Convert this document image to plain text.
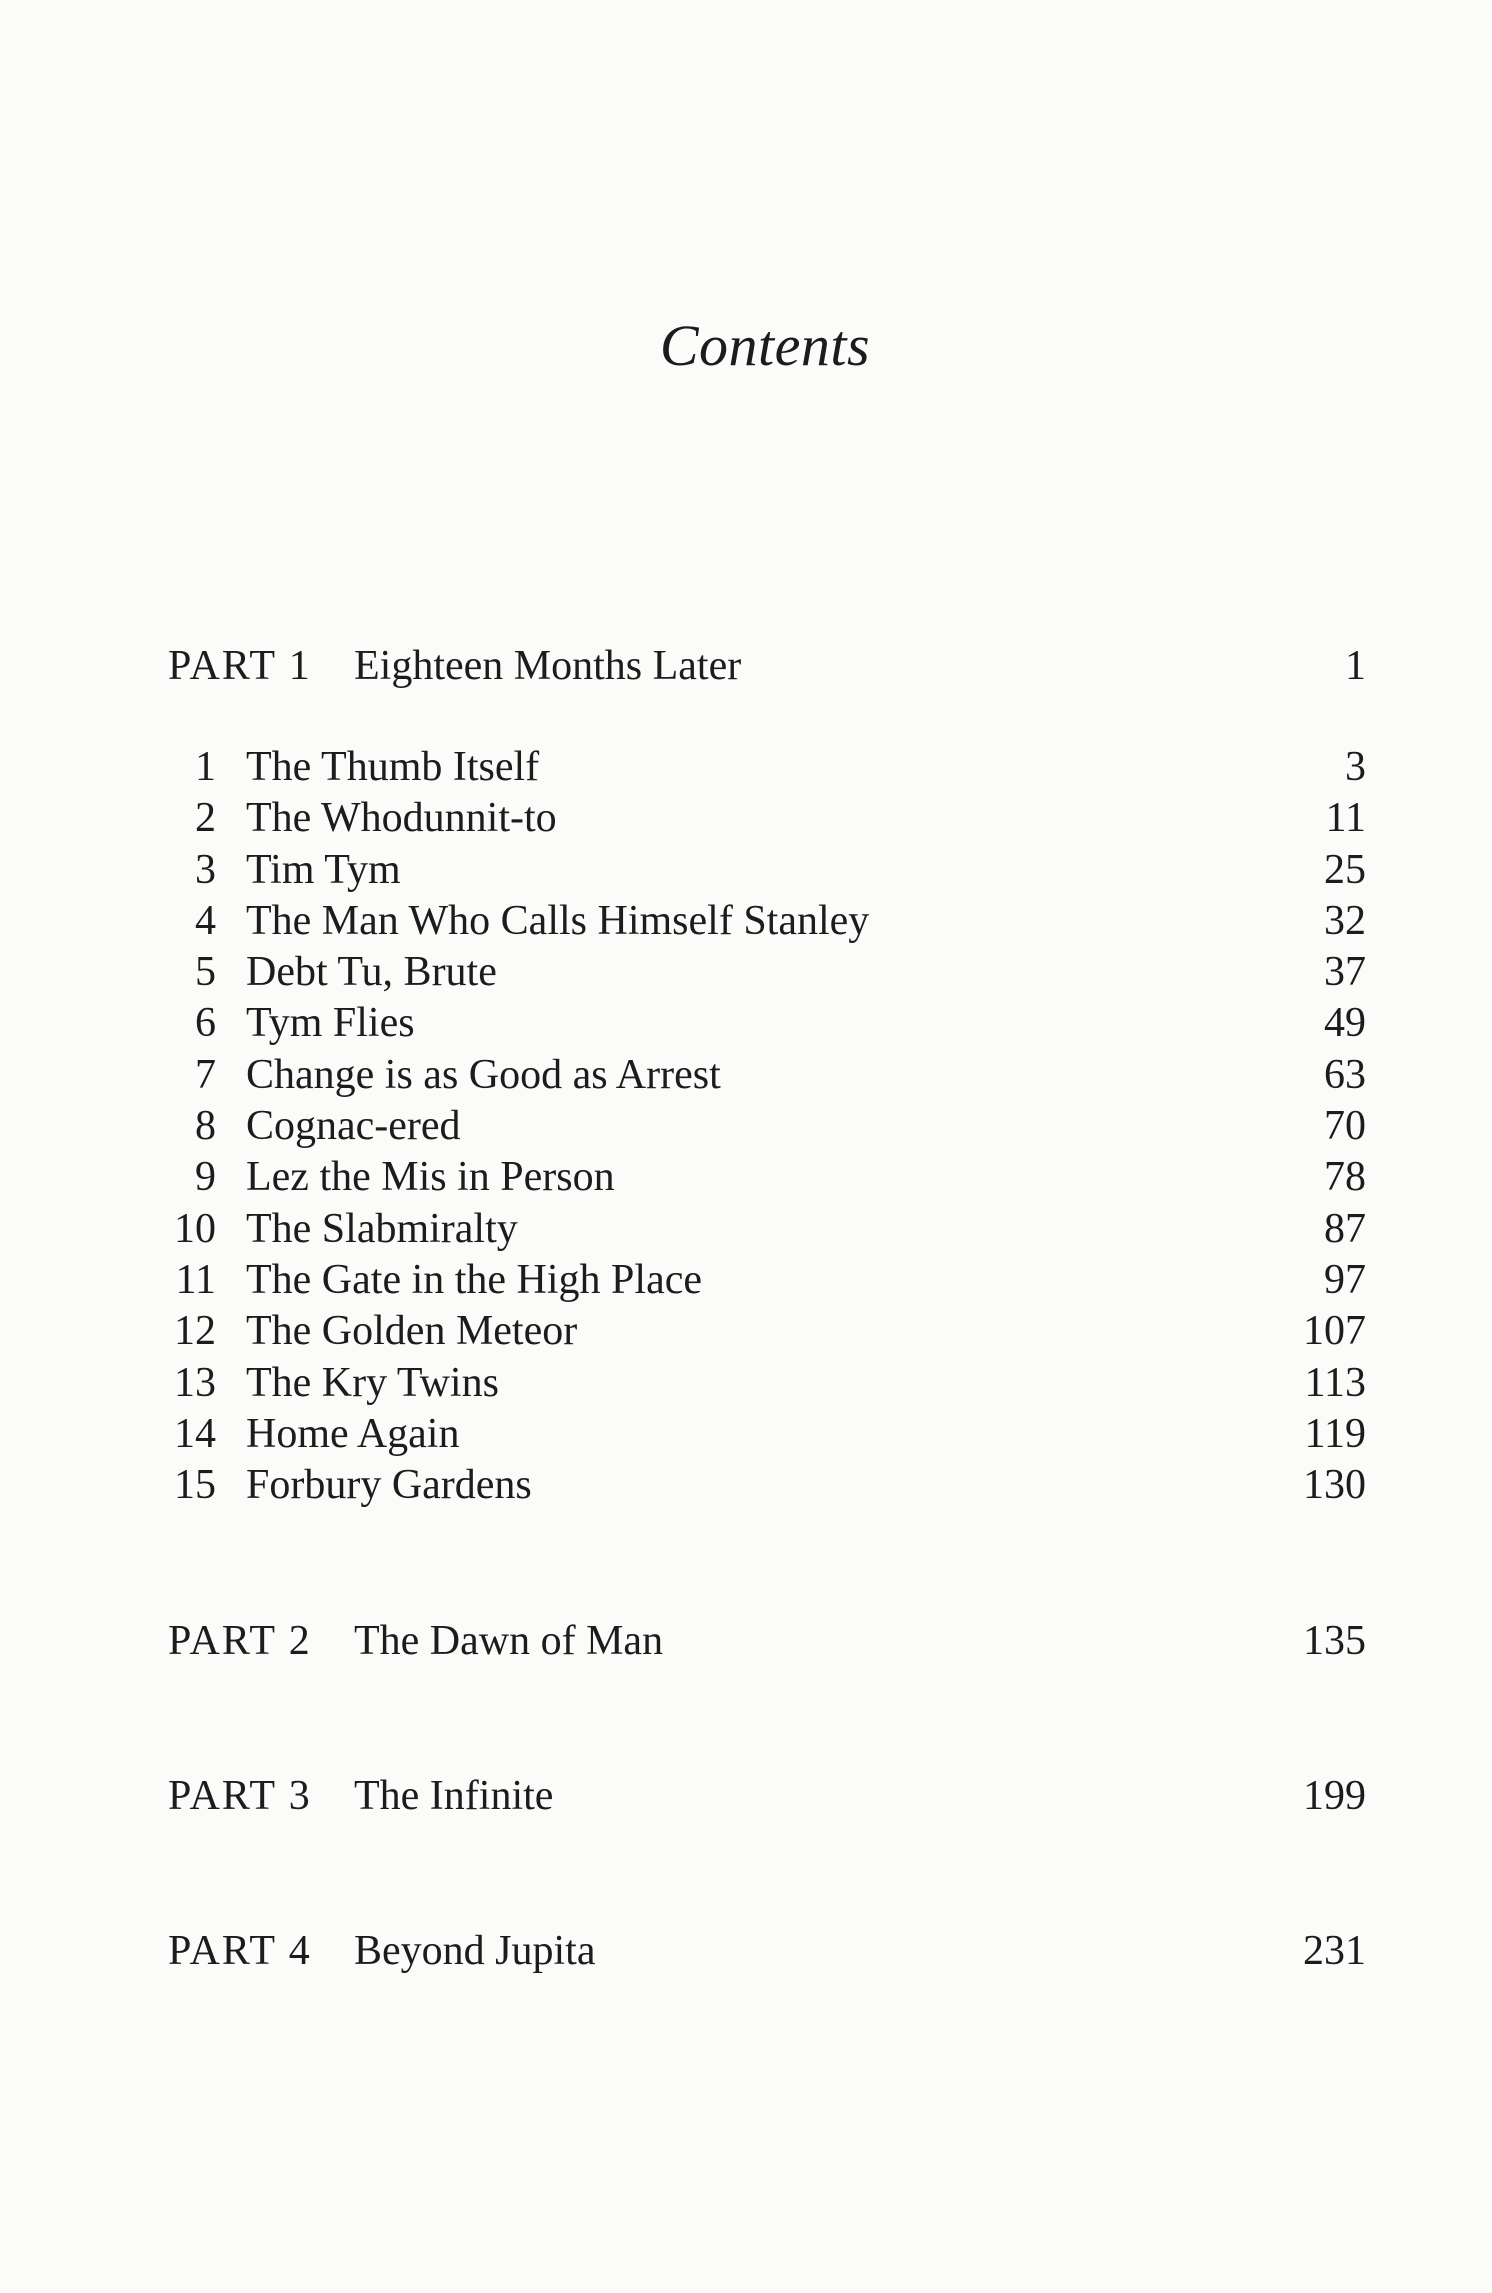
Contents
PART 1 Eighteen Months Later	1
1 The Thumb Itself	3
2 The Whodunnit-to	11
3 Tim Tym	25
4 The Man Who Calls Himself Stanley	32
5 Debt Tu, Brute	37
6 Tym Flies	49
7 Change is as Good as Arrest	63
8 Cognac-ered	70
9 Lez the Mis in Person	78
10 The Slabmiralty	87
11 The Gate in the High Place	97
12 The Golden Meteor	107
13 The Kry Twins	113
14 Home Again	119
15 Forbury Gardens	130
PART 2 The Dawn of Man	135
PART 3 The Infinite	199
PART 4 Beyond Jupita	231
